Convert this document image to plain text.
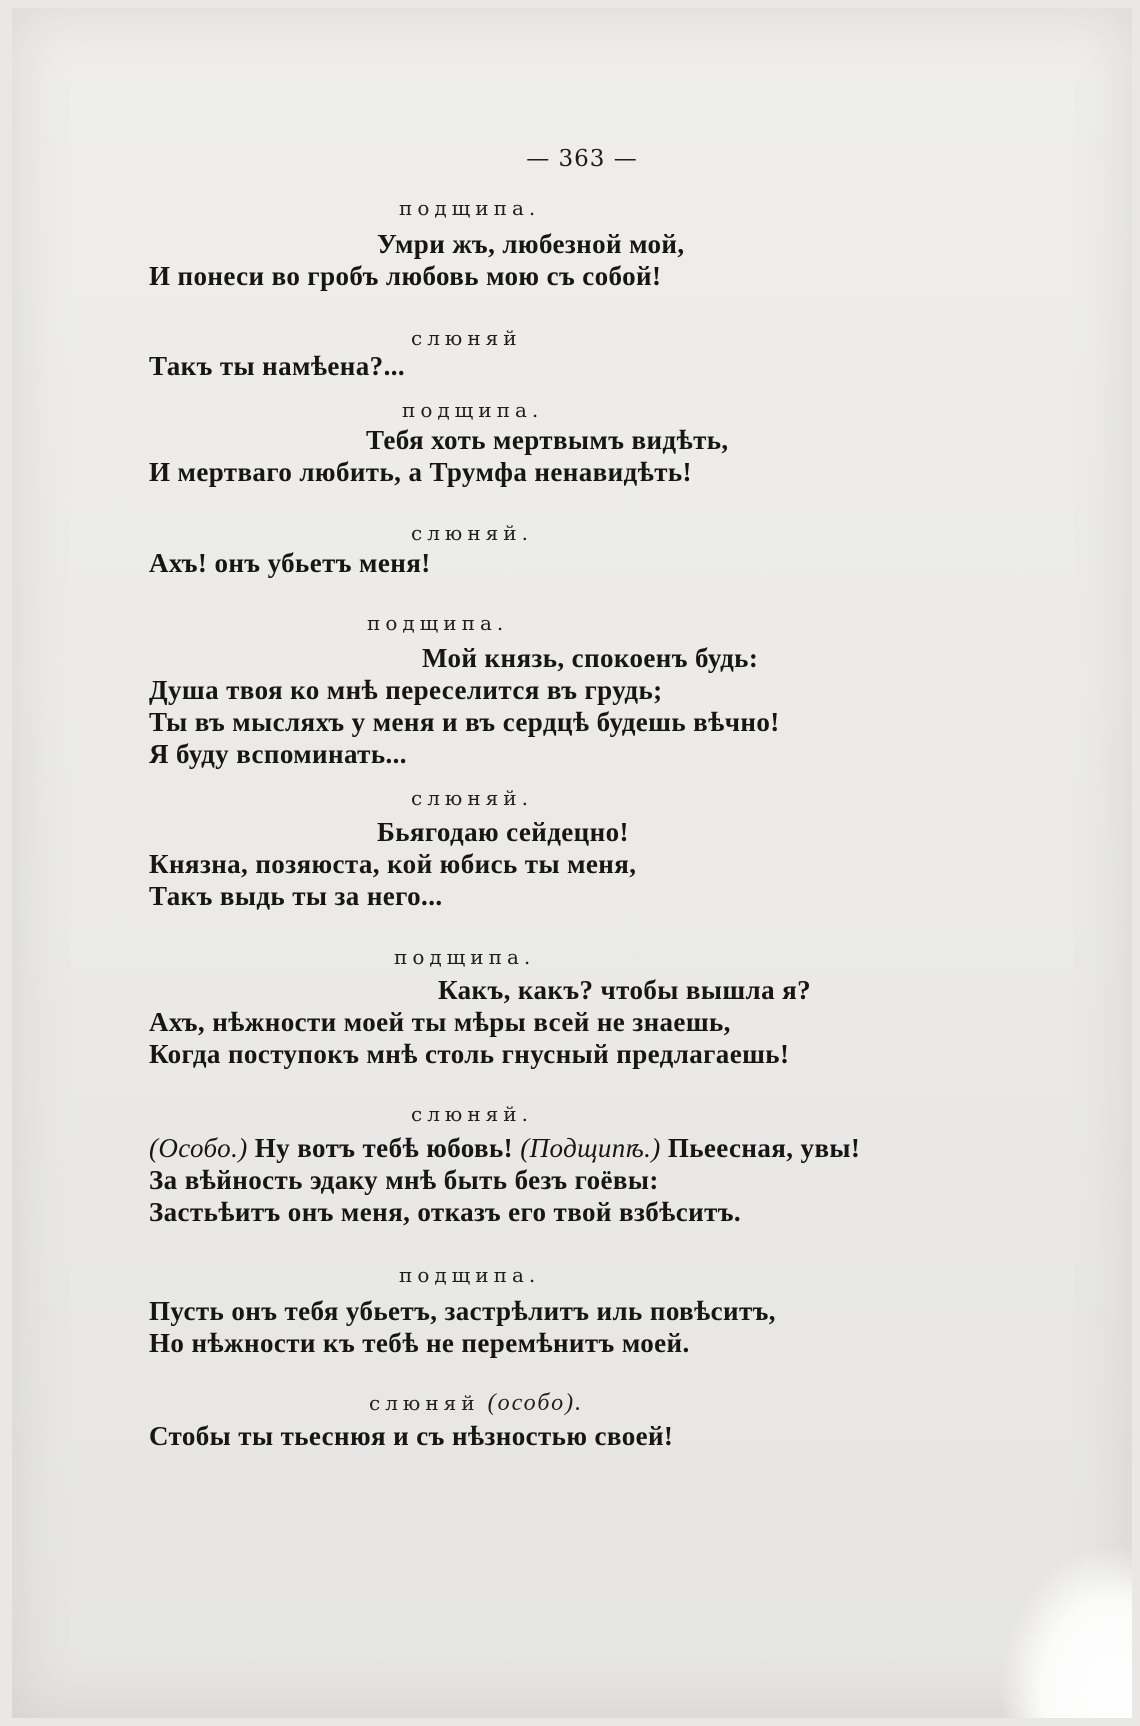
— 363 —
подщипа.
Умри жъ, любезной мой,
И понеси во гробъ любовь мою съ собой!
слюняй
Такъ ты намѣена?...
подщипа.
Тебя хоть мертвымъ видѣть,
И мертваго любить, а Трумфа ненавидѣть!
слюняй.
Ахъ! онъ убьетъ меня!
подщипа.
Мой князь, спокоенъ будь:
Душа твоя ко мнѣ переселится въ грудь;
Ты въ мысляхъ у меня и въ сердцѣ будешь вѣчно!
Я буду вспоминать...
слюняй.
Бьягодаю сейдецно!
Князна, позяюста, кой юбись ты меня,
Такъ выдь ты за него...
подщипа.
Какъ, какъ? чтобы вышла я?
Ахъ, нѣжности моей ты мѣры всей не знаешь,
Когда поступокъ мнѣ столь гнусный предлагаешь!
слюняй.
(Особо.) Ну вотъ тебѣ юбовь! (Подщипѣ.) Пьеесная, увы!
За вѣйность эдаку мнѣ быть безъ гоёвы:
Застьѣитъ онъ меня, отказъ его твой взбѣситъ.
подщипа.
Пусть онъ тебя убьетъ, застрѣлитъ иль повѣситъ,
Но нѣжности къ тебѣ не перемѣнитъ моей.
слюняй (особо).
Стобы ты тьеснюя и съ нѣзностью своей!
